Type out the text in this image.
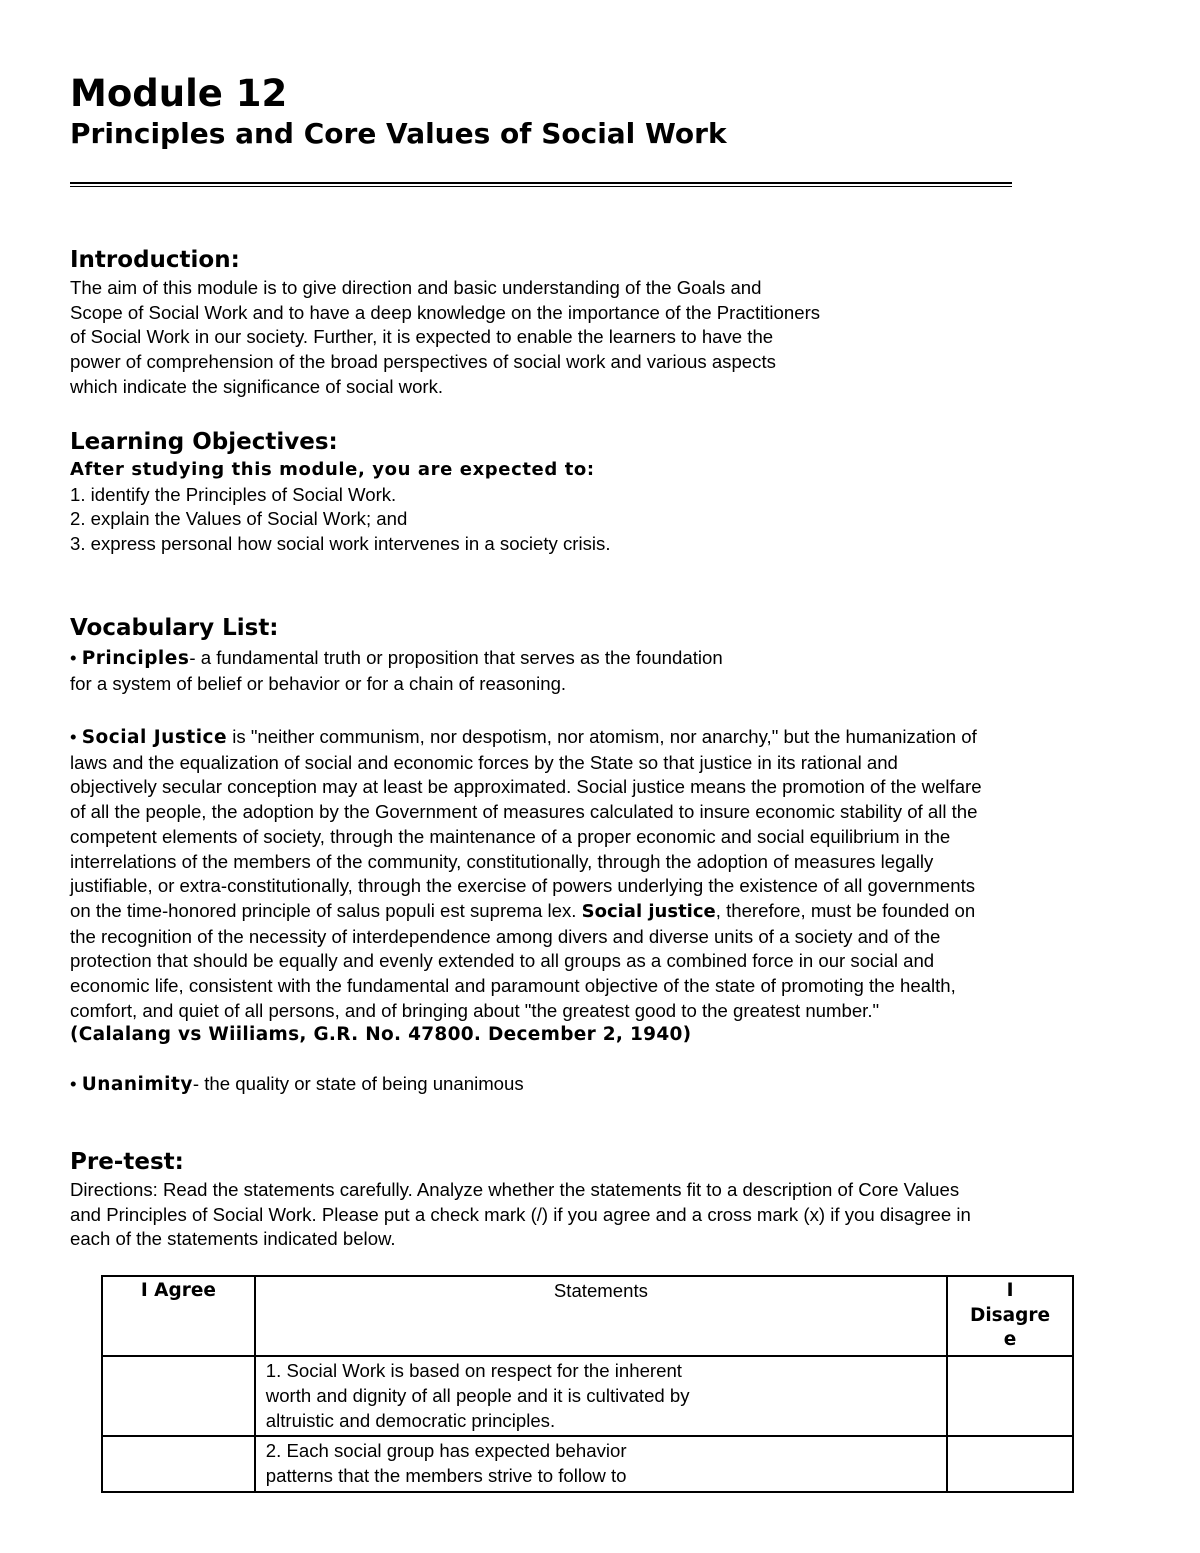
Module 12
Principles and Core Values of Social Work
Introduction:

The aim of this module is to give direction and basic understanding of the Goals and

Scope of Social Work and to have a deep knowledge on the importance of the Practitioners

of Social Work in our society. Further, it is expected to enable the learners to have the

power of comprehension of the broad perspectives of social work and various aspects

which indicate the significance of social work.

Learning Objectives:

After studying this module, you are expected to:

1. identify the Principles of Social Work.

2. explain the Values of Social Work; and

3. express personal how social work intervenes in a society crisis.

Vocabulary List:

• Principles- a fundamental truth or proposition that serves as the foundation

for a system of belief or behavior or for a chain of reasoning.

• Social Justice is "neither communism, nor despotism, nor atomism, nor anarchy," but the humanization of

laws and the equalization of social and economic forces by the State so that justice in its rational and

objectively secular conception may at least be approximated. Social justice means the promotion of the welfare

of all the people, the adoption by the Government of measures calculated to insure economic stability of all the

competent elements of society, through the maintenance of a proper economic and social equilibrium in the

interrelations of the members of the community, constitutionally, through the adoption of measures legally

justifiable, or extra-constitutionally, through the exercise of powers underlying the existence of all governments

on the time-honored principle of salus populi est suprema lex. Social justice, therefore, must be founded on

the recognition of the necessity of interdependence among divers and diverse units of a society and of the

protection that should be equally and evenly extended to all groups as a combined force in our social and

economic life, consistent with the fundamental and paramount objective of the state of promoting the health,

comfort, and quiet of all persons, and of bringing about "the greatest good to the greatest number."

(Calalang vs Wiiliams, G.R. No. 47800. December 2, 1940)

• Unanimity- the quality or state of being unanimous

Pre-test:

Directions: Read the statements carefully. Analyze whether the statements fit to a description of Core Values

and Principles of Social Work. Please put a check mark (/) if you agree and a cross mark (x) if you disagree in

each of the statements indicated below.

I Agree	Statements	I
Disagre
e

	1. Social Work is based on respect for the inherent
worth and dignity of all people and it is cultivated by
altruistic and democratic principles.	

	2. Each social group has expected behavior
patterns that the members strive to follow to	
